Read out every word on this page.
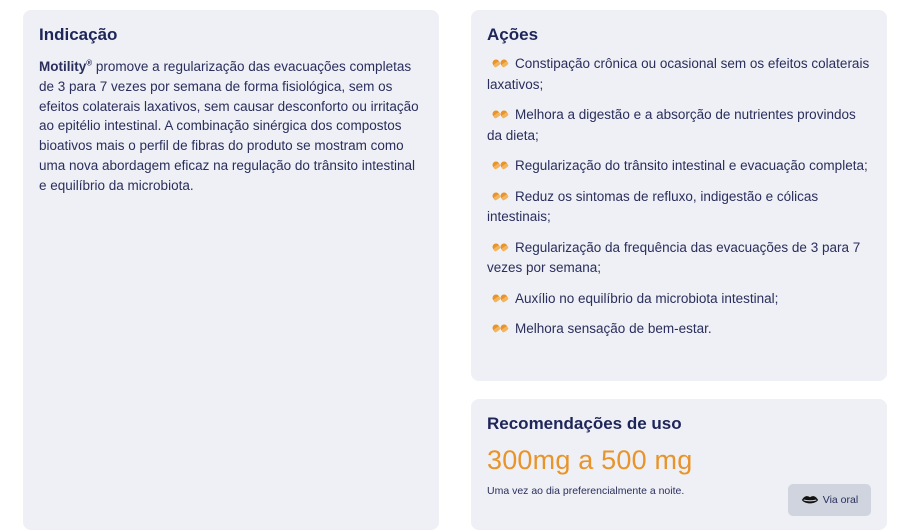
Indicação
Motility® promove a regularização das evacuações completas de 3 para 7 vezes por semana de forma fisiológica, sem os efeitos colaterais laxativos, sem causar desconforto ou irritação ao epitélio intestinal. A combinação sinérgica dos compostos bioativos mais o perfil de fibras do produto se mostram como uma nova abordagem eficaz na regulação do trânsito intestinal e equilíbrio da microbiota.
Ações
Constipação crônica ou ocasional sem os efeitos colaterais laxativos;
Melhora a digestão e a absorção de nutrientes provindos da dieta;
Regularização do trânsito intestinal e evacuação completa;
Reduz os sintomas de refluxo, indigestão e cólicas intestinais;
Regularização da frequência das evacuações de 3 para 7 vezes por semana;
Auxílio no equilíbrio da microbiota intestinal;
Melhora sensação de bem-estar.
Recomendações de uso
300mg a 500 mg
Uma vez ao dia preferencialmente a noite.
Via oral
